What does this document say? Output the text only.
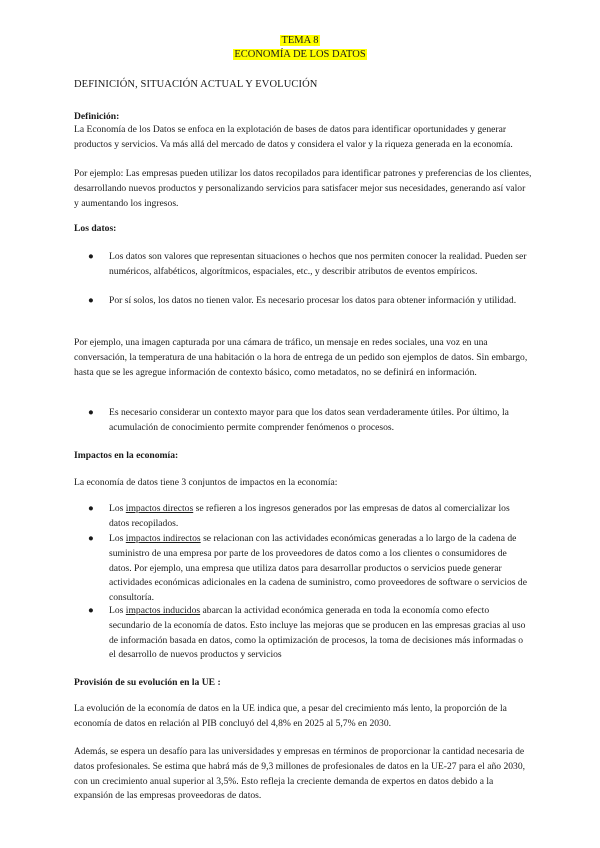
TEMA 8
ECONOMÍA DE LOS DATOS
DEFINICIÓN, SITUACIÓN ACTUAL Y EVOLUCIÓN
Definición:
La Economía de los Datos se enfoca en la explotación de bases de datos para identificar oportunidades y generar productos y servicios. Va más allá del mercado de datos y considera el valor y la riqueza generada en la economía.
Por ejemplo: Las empresas pueden utilizar los datos recopilados para identificar patrones y preferencias de los clientes, desarrollando nuevos productos y personalizando servicios para satisfacer mejor sus necesidades, generando así valor y aumentando los ingresos.
Los datos:
● Los datos son valores que representan situaciones o hechos que nos permiten conocer la realidad. Pueden ser numéricos, alfabéticos, algorítmicos, espaciales, etc., y describir atributos de eventos empíricos.
● Por sí solos, los datos no tienen valor. Es necesario procesar los datos para obtener información y utilidad.
Por ejemplo, una imagen capturada por una cámara de tráfico, un mensaje en redes sociales, una voz en una conversación, la temperatura de una habitación o la hora de entrega de un pedido son ejemplos de datos. Sin embargo, hasta que se les agregue información de contexto básico, como metadatos, no se definirá en información.
● Es necesario considerar un contexto mayor para que los datos sean verdaderamente útiles. Por último, la acumulación de conocimiento permite comprender fenómenos o procesos.
Impactos en la economía:
La economía de datos tiene 3 conjuntos de impactos en la economía:
● Los impactos directos se refieren a los ingresos generados por las empresas de datos al comercializar los datos recopilados.
● Los impactos indirectos se relacionan con las actividades económicas generadas a lo largo de la cadena de suministro de una empresa por parte de los proveedores de datos como a los clientes o consumidores de datos. Por ejemplo, una empresa que utiliza datos para desarrollar productos o servicios puede generar actividades económicas adicionales en la cadena de suministro, como proveedores de software o servicios de consultoría.
● Los impactos inducidos abarcan la actividad económica generada en toda la economía como efecto secundario de la economía de datos. Esto incluye las mejoras que se producen en las empresas gracias al uso de información basada en datos, como la optimización de procesos, la toma de decisiones más informadas o el desarrollo de nuevos productos y servicios
Provisión de su evolución en la UE :
La evolución de la economía de datos en la UE indica que, a pesar del crecimiento más lento, la proporción de la economía de datos en relación al PIB concluyó del 4,8% en 2025 al 5,7% en 2030.
Además, se espera un desafío para las universidades y empresas en términos de proporcionar la cantidad necesaria de datos profesionales. Se estima que habrá más de 9,3 millones de profesionales de datos en la UE-27 para el año 2030, con un crecimiento anual superior al 3,5%. Esto refleja la creciente demanda de expertos en datos debido a la expansión de las empresas proveedoras de datos.
